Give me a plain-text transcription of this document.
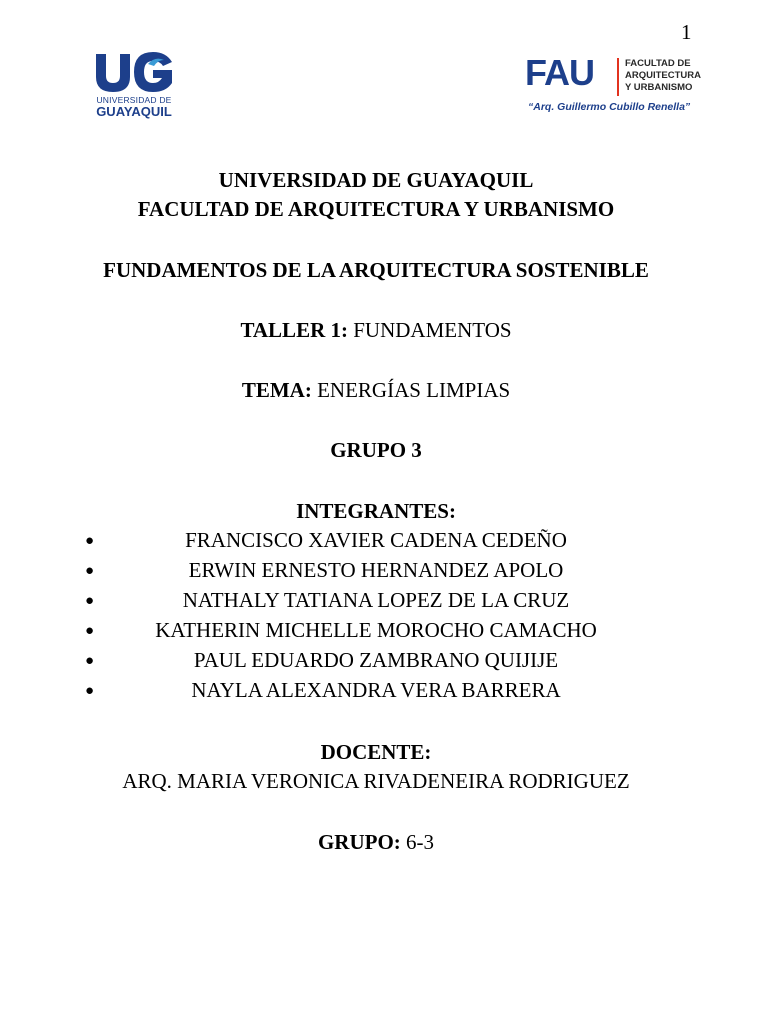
1
UNIVERSIDAD DE
GUAYAQUIL
FAU	FACULTAD DE
ARQUITECTURA
Y URBANISMO
“Arq. Guillermo Cubillo Renella”
UNIVERSIDAD DE GUAYAQUIL
FACULTAD DE ARQUITECTURA Y URBANISMO
FUNDAMENTOS DE LA ARQUITECTURA SOSTENIBLE
TALLER 1: FUNDAMENTOS
TEMA: ENERGÍAS LIMPIAS
GRUPO 3
INTEGRANTES:
●	FRANCISCO XAVIER CADENA CEDEÑO
●	ERWIN ERNESTO HERNANDEZ APOLO
●	NATHALY TATIANA LOPEZ DE LA CRUZ
●	KATHERIN MICHELLE MOROCHO CAMACHO
●	PAUL EDUARDO ZAMBRANO QUIJIJE
●	NAYLA ALEXANDRA VERA BARRERA
DOCENTE:
ARQ. MARIA VERONICA RIVADENEIRA RODRIGUEZ
GRUPO: 6-3
